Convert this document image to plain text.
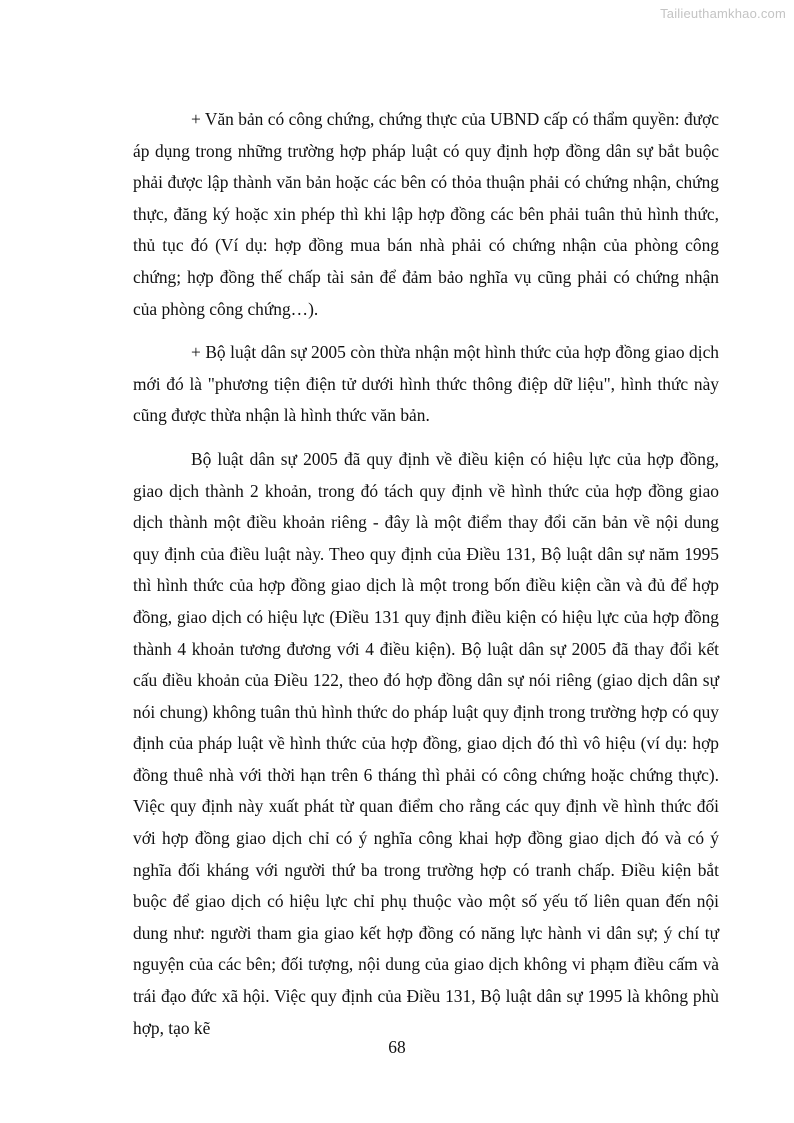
Tailieuthamkhao.com

+ Văn bản có công chứng, chứng thực của UBND cấp có thẩm quyền: được áp dụng trong những trường hợp pháp luật có quy định hợp đồng dân sự bắt buộc phải được lập thành văn bản hoặc các bên có thỏa thuận phải có chứng nhận, chứng thực, đăng ký hoặc xin phép thì khi lập hợp đồng các bên phải tuân thủ hình thức, thủ tục đó (Ví dụ: hợp đồng mua bán nhà phải có chứng nhận của phòng công chứng; hợp đồng thế chấp tài sản để đảm bảo nghĩa vụ cũng phải có chứng nhận của phòng công chứng…).

+ Bộ luật dân sự 2005 còn thừa nhận một hình thức của hợp đồng giao dịch mới đó là "phương tiện điện tử dưới hình thức thông điệp dữ liệu", hình thức này cũng được thừa nhận là hình thức văn bản.

Bộ luật dân sự 2005 đã quy định về điều kiện có hiệu lực của hợp đồng, giao dịch thành 2 khoản, trong đó tách quy định về hình thức của hợp đồng giao dịch thành một điều khoản riêng - đây là một điểm thay đổi căn bản về nội dung quy định của điều luật này. Theo quy định của Điều 131, Bộ luật dân sự năm 1995 thì hình thức của hợp đồng giao dịch là một trong bốn điều kiện cần và đủ để hợp đồng, giao dịch có hiệu lực (Điều 131 quy định điều kiện có hiệu lực của hợp đồng thành 4 khoản tương đương với 4 điều kiện). Bộ luật dân sự 2005 đã thay đổi kết cấu điều khoản của Điều 122, theo đó hợp đồng dân sự nói riêng (giao dịch dân sự nói chung) không tuân thủ hình thức do pháp luật quy định trong trường hợp có quy định của pháp luật về hình thức của hợp đồng, giao dịch đó thì vô hiệu (ví dụ: hợp đồng thuê nhà với thời hạn trên 6 tháng thì phải có công chứng hoặc chứng thực). Việc quy định này xuất phát từ quan điểm cho rằng các quy định về hình thức đối với hợp đồng giao dịch chỉ có ý nghĩa công khai hợp đồng giao dịch đó và có ý nghĩa đối kháng với người thứ ba trong trường hợp có tranh chấp. Điều kiện bắt buộc để giao dịch có hiệu lực chỉ phụ thuộc vào một số yếu tố liên quan đến nội dung như: người tham gia giao kết hợp đồng có năng lực hành vi dân sự; ý chí tự nguyện của các bên; đối tượng, nội dung của giao dịch không vi phạm điều cấm và trái đạo đức xã hội. Việc quy định của Điều 131, Bộ luật dân sự 1995 là không phù hợp, tạo kẽ

68
